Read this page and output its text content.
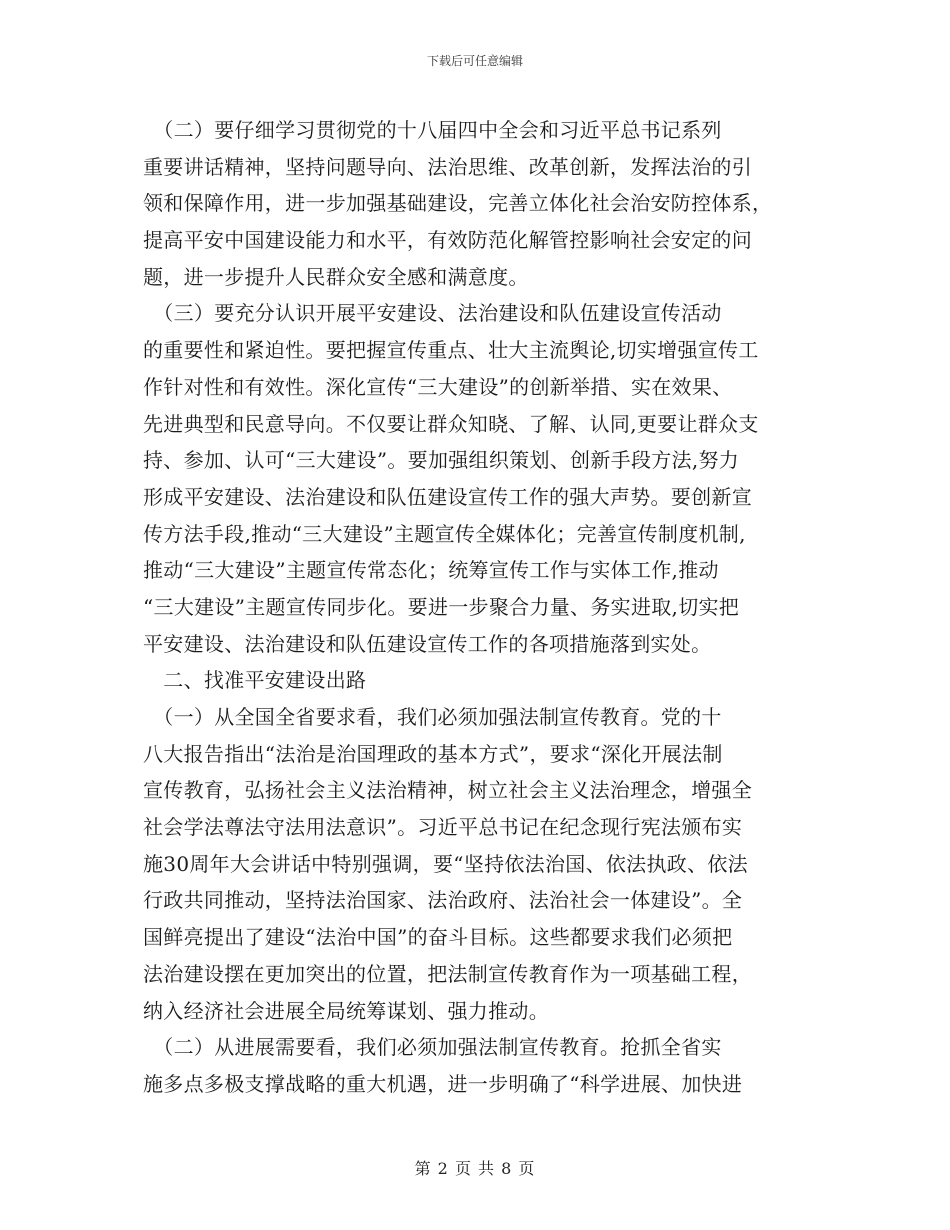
下载后可任意编辑
　（二）要仔细学习贯彻党的十八届四中全会和习近平总书记系列
重要讲话精神，坚持问题导向、法治思维、改革创新，发挥法治的引
领和保障作用，进一步加强基础建设，完善立体化社会治安防控体系，
提高平安中国建设能力和水平，有效防范化解管控影响社会安定的问
题，进一步提升人民群众安全感和满意度。
　（三）要充分认识开展平安建设、法治建设和队伍建设宣传活动
的重要性和紧迫性。要把握宣传重点、壮大主流舆论,切实增强宣传工
作针对性和有效性。深化宣传“三大建设”的创新举措、实在效果、
先进典型和民意导向。不仅要让群众知晓、了解、认同,更要让群众支
持、参加、认可“三大建设”。要加强组织策划、创新手段方法,努力
形成平安建设、法治建设和队伍建设宣传工作的强大声势。要创新宣
传方法手段,推动“三大建设”主题宣传全媒体化；完善宣传制度机制,
推动“三大建设”主题宣传常态化；统筹宣传工作与实体工作,推动
“三大建设”主题宣传同步化。要进一步聚合力量、务实进取,切实把
平安建设、法治建设和队伍建设宣传工作的各项措施落到实处。
　二、找准平安建设出路
　（一）从全国全省要求看，我们必须加强法制宣传教育。党的十
八大报告指出“法治是治国理政的基本方式”，要求“深化开展法制
宣传教育，弘扬社会主义法治精神，树立社会主义法治理念，增强全
社会学法尊法守法用法意识”。习近平总书记在纪念现行宪法颁布实
施30周年大会讲话中特别强调，要“坚持依法治国、依法执政、依法
行政共同推动，坚持法治国家、法治政府、法治社会一体建设”。全
国鲜亮提出了建设“法治中国”的奋斗目标。这些都要求我们必须把
法治建设摆在更加突出的位置，把法制宣传教育作为一项基础工程，
纳入经济社会进展全局统筹谋划、强力推动。
　（二）从进展需要看，我们必须加强法制宣传教育。抢抓全省实
施多点多极支撑战略的重大机遇，进一步明确了“科学进展、加快进
第 2 页 共 8 页
